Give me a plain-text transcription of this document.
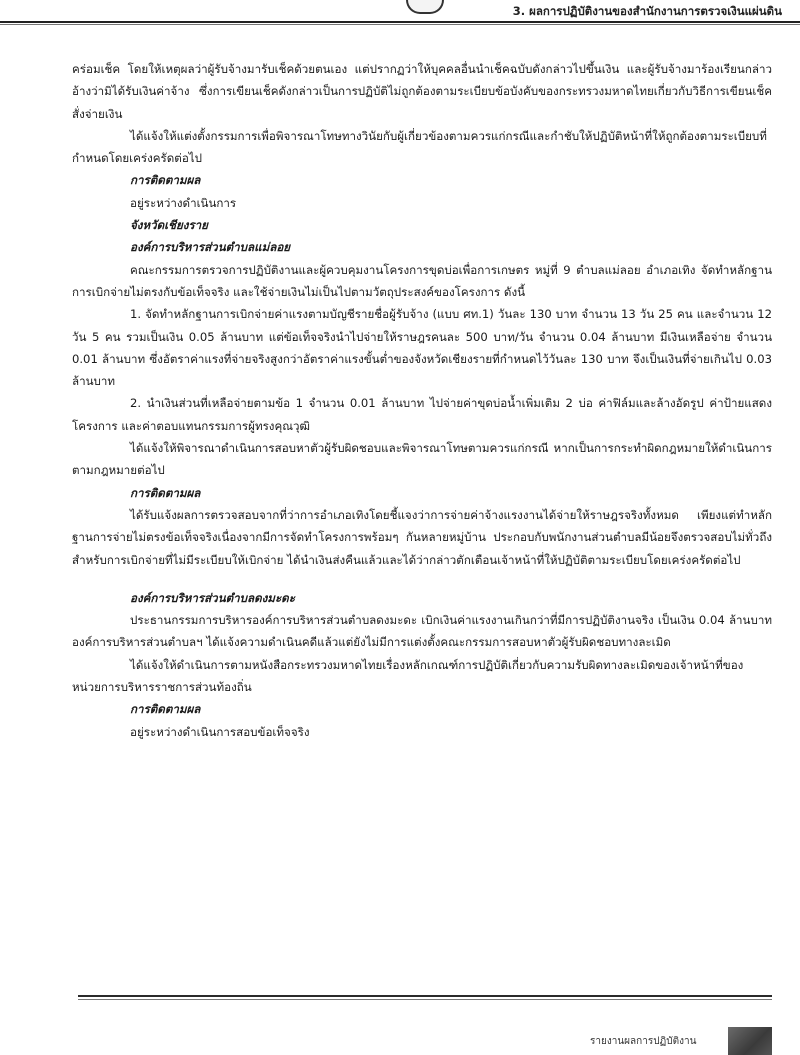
3. ผลการปฏิบัติงานของสำนักงานการตรวจเงินแผ่นดิน

คร่อมเช็ค โดยให้เหตุผลว่าผู้รับจ้างมารับเช็คด้วยตนเอง แต่ปรากฏว่าให้บุคคลอื่นนำเช็คฉบับดังกล่าวไปขึ้นเงิน และผู้รับจ้างมาร้องเรียนกล่าวอ้างว่ามิได้รับเงินค่าจ้าง ซึ่งการเขียนเช็คดังกล่าวเป็นการปฏิบัติไม่ถูกต้องตามระเบียบข้อบังคับของกระทรวงมหาดไทยเกี่ยวกับวิธีการเขียนเช็คสั่งจ่ายเงิน

ได้แจ้งให้แต่งตั้งกรรมการเพื่อพิจารณาโทษทางวินัยกับผู้เกี่ยวข้องตามควรแก่กรณีและกำชับให้ปฏิบัติหน้าที่ให้ถูกต้องตามระเบียบที่กำหนดโดยเคร่งครัดต่อไป

การติดตามผล

อยู่ระหว่างดำเนินการ

จังหวัดเชียงราย

องค์การบริหารส่วนตำบลแม่ลอย

คณะกรรมการตรวจการปฏิบัติงานและผู้ควบคุมงานโครงการขุดบ่อเพื่อการเกษตร หมู่ที่ 9 ตำบลแม่ลอย อำเภอเทิง จัดทำหลักฐานการเบิกจ่ายไม่ตรงกับข้อเท็จจริง และใช้จ่ายเงินไม่เป็นไปตามวัตถุประสงค์ของโครงการ ดังนี้

1. จัดทำหลักฐานการเบิกจ่ายค่าแรงตามบัญชีรายชื่อผู้รับจ้าง (แบบ ศท.1) วันละ 130 บาท จำนวน 13 วัน 25 คน และจำนวน 12 วัน 5 คน รวมเป็นเงิน 0.05 ล้านบาท แต่ข้อเท็จจริงนำไปจ่ายให้ราษฎรคนละ 500 บาท/วัน จำนวน 0.04 ล้านบาท มีเงินเหลือจ่าย จำนวน 0.01 ล้านบาท ซึ่งอัตราค่าแรงที่จ่ายจริงสูงกว่าอัตราค่าแรงขั้นต่ำของจังหวัดเชียงรายที่กำหนดไว้วันละ 130 บาท จึงเป็นเงินที่จ่ายเกินไป 0.03 ล้านบาท

2. นำเงินส่วนที่เหลือจ่ายตามข้อ 1 จำนวน 0.01 ล้านบาท ไปจ่ายค่าขุดบ่อน้ำเพิ่มเติม 2 บ่อ ค่าฟิล์มและล้างอัดรูป ค่าป้ายแสดงโครงการ และค่าตอบแทนกรรมการผู้ทรงคุณวุฒิ

ได้แจ้งให้พิจารณาดำเนินการสอบหาตัวผู้รับผิดชอบและพิจารณาโทษตามควรแก่กรณี หากเป็นการกระทำผิดกฎหมายให้ดำเนินการตามกฎหมายต่อไป

การติดตามผล

ได้รับแจ้งผลการตรวจสอบจากที่ว่าการอำเภอเทิงโดยชี้แจงว่าการจ่ายค่าจ้างแรงงานได้จ่ายให้ราษฎรจริงทั้งหมด เพียงแต่ทำหลักฐานการจ่ายไม่ตรงข้อเท็จจริงเนื่องจากมีการจัดทำโครงการพร้อมๆ กันหลายหมู่บ้าน ประกอบกับพนักงานส่วนตำบลมีน้อยจึงตรวจสอบไม่ทั่วถึง สำหรับการเบิกจ่ายที่ไม่มีระเบียบให้เบิกจ่าย ได้นำเงินส่งคืนแล้วและได้ว่ากล่าวตักเตือนเจ้าหน้าที่ให้ปฏิบัติตามระเบียบโดยเคร่งครัดต่อไป

องค์การบริหารส่วนตำบลดงมะดะ

ประธานกรรมการบริหารองค์การบริหารส่วนตำบลดงมะดะ เบิกเงินค่าแรงงานเกินกว่าที่มีการปฏิบัติงานจริง เป็นเงิน 0.04 ล้านบาท องค์การบริหารส่วนตำบลฯ ได้แจ้งความดำเนินคดีแล้วแต่ยังไม่มีการแต่งตั้งคณะกรรมการสอบหาตัวผู้รับผิดชอบทางละเมิด

ได้แจ้งให้ดำเนินการตามหนังสือกระทรวงมหาดไทยเรื่องหลักเกณฑ์การปฏิบัติเกี่ยวกับความรับผิดทางละเมิดของเจ้าหน้าที่ของหน่วยการบริหารราชการส่วนท้องถิ่น

การติดตามผล

อยู่ระหว่างดำเนินการสอบข้อเท็จจริง

รายงานผลการปฏิบัติงาน
